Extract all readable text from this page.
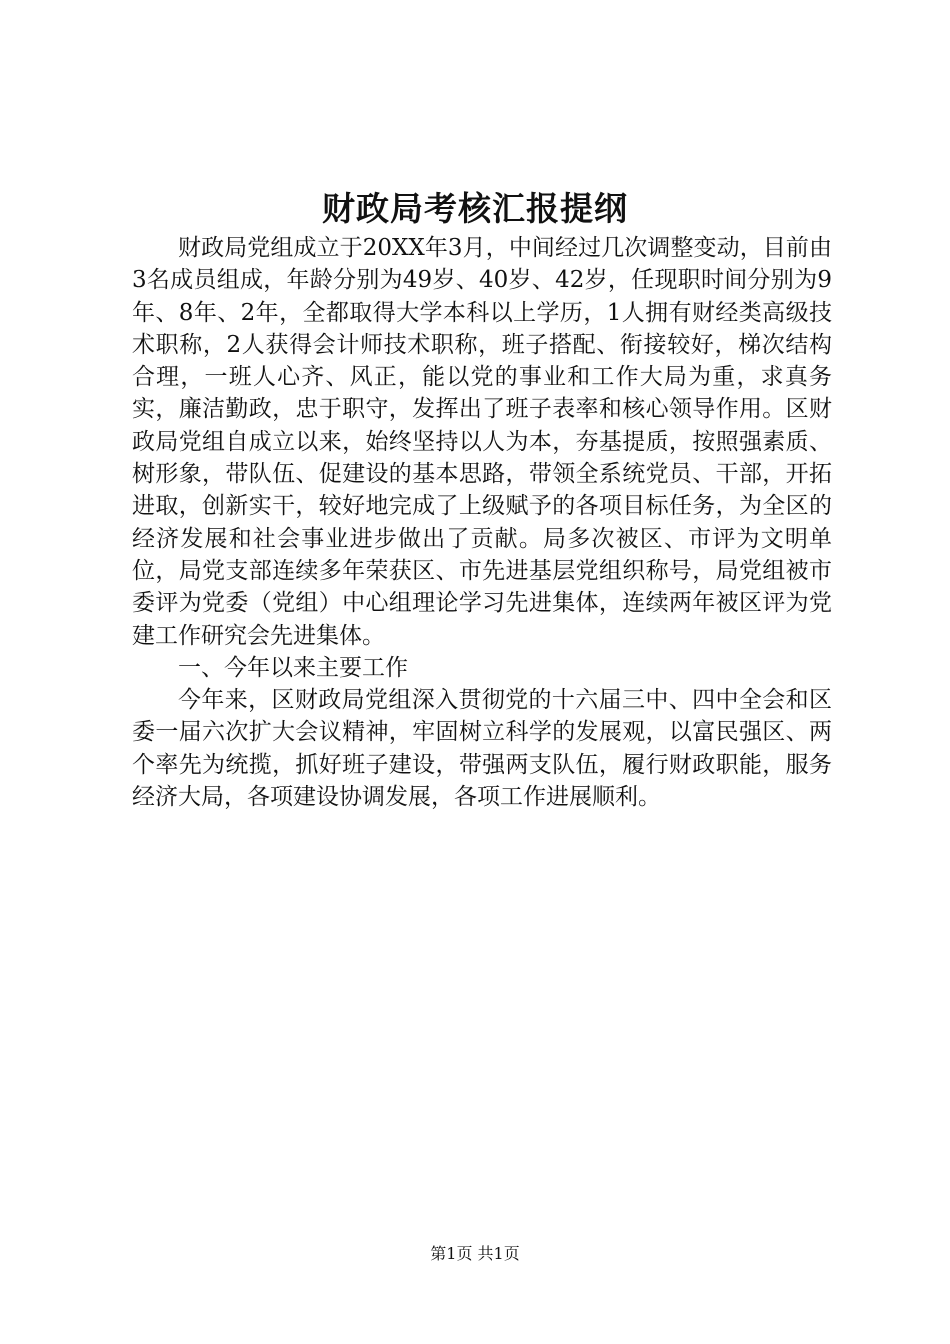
财政局考核汇报提纲

财政局党组成立于20XX年3月，中间经过几次调整变动，目前由3名成员组成，年龄分别为49岁、40岁、42岁，任现职时间分别为9年、8年、2年，全都取得大学本科以上学历，1人拥有财经类高级技术职称，2人获得会计师技术职称，班子搭配、衔接较好，梯次结构合理，一班人心齐、风正，能以党的事业和工作大局为重，求真务实，廉洁勤政，忠于职守，发挥出了班子表率和核心领导作用。区财政局党组自成立以来，始终坚持以人为本，夯基提质，按照强素质、树形象，带队伍、促建设的基本思路，带领全系统党员、干部，开拓进取，创新实干，较好地完成了上级赋予的各项目标任务，为全区的经济发展和社会事业进步做出了贡献。局多次被区、市评为文明单位，局党支部连续多年荣获区、市先进基层党组织称号，局党组被市委评为党委（党组）中心组理论学习先进集体，连续两年被区评为党建工作研究会先进集体。

一、今年以来主要工作

今年来，区财政局党组深入贯彻党的十六届三中、四中全会和区委一届六次扩大会议精神，牢固树立科学的发展观，以富民强区、两个率先为统揽，抓好班子建设，带强两支队伍，履行财政职能，服务经济大局，各项建设协调发展，各项工作进展顺利。

第1页 共1页
